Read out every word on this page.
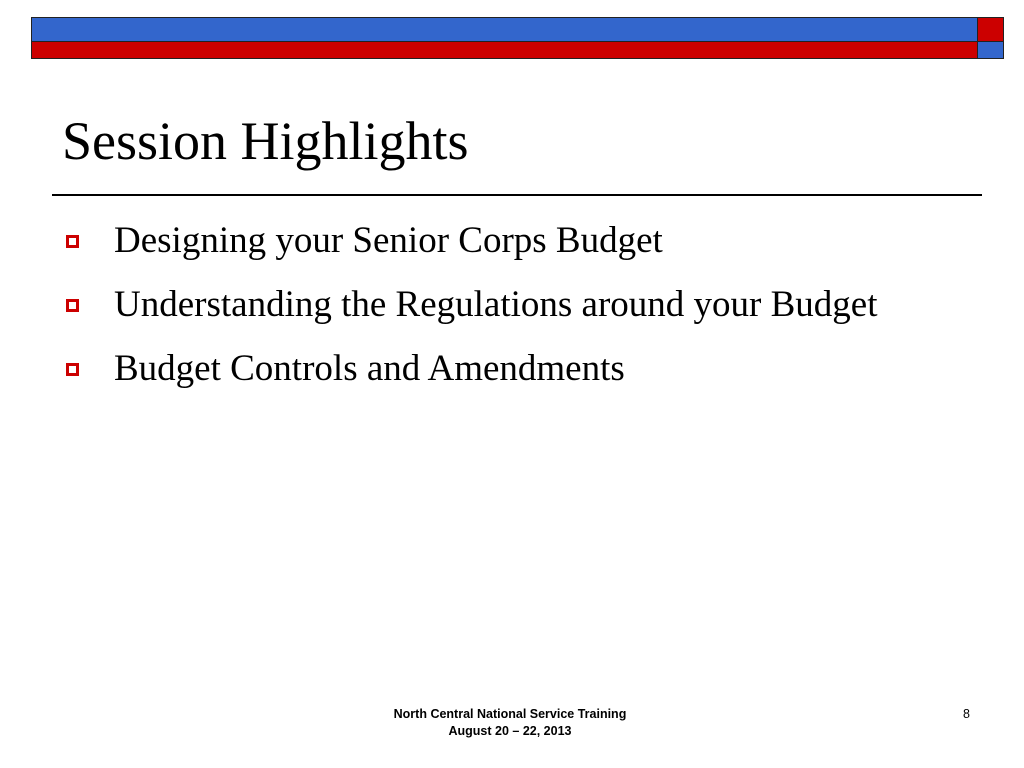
Session Highlights
Designing your Senior Corps Budget
Understanding the Regulations around your Budget
Budget Controls and Amendments
North Central National Service Training
August 20 – 22, 2013
8
